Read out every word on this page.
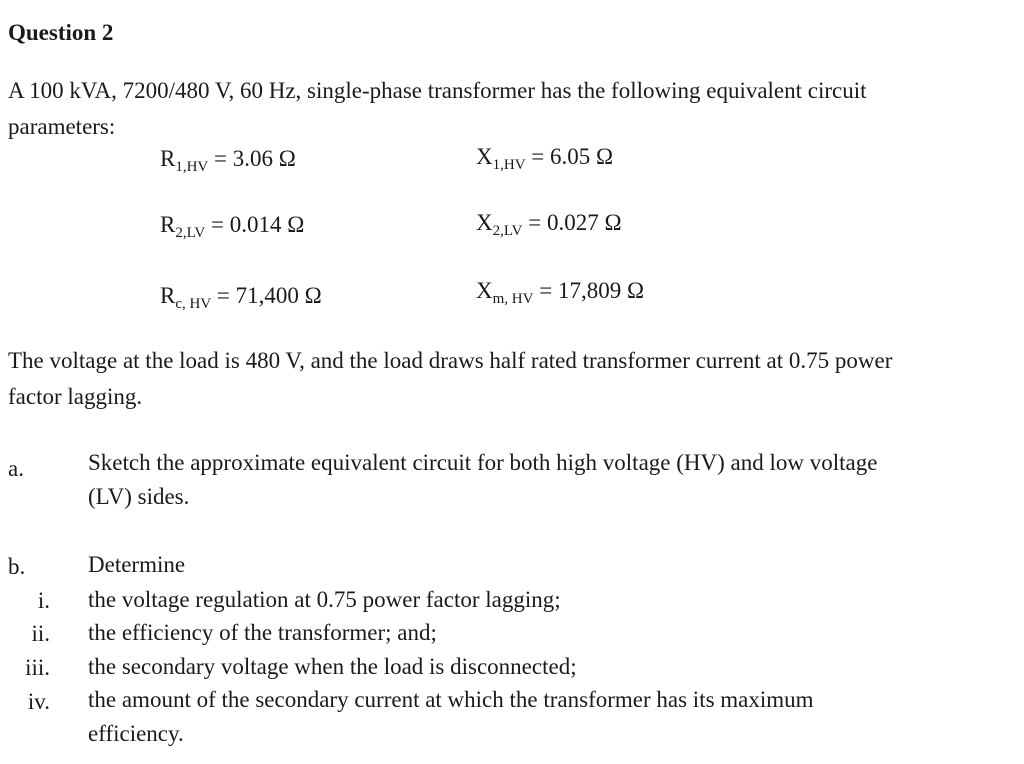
Question 2
A 100 kVA, 7200/480 V, 60 Hz, single-phase transformer has the following equivalent circuit
parameters:
$R_{1,HV} = 3.06$ Ω	$X_{1,HV} = 6.05$ Ω
$R_{2,LV} = 0.014$ Ω	$X_{2,LV} = 0.027$ Ω
$R_{c, HV} = 71,400$ Ω	$X_{m, HV} = 17,809$ Ω
The voltage at the load is 480 V, and the load draws half rated transformer current at 0.75 power
factor lagging.
a.	Sketch the approximate equivalent circuit for both high voltage (HV) and low voltage
(LV) sides.
b.	Determine
i. the voltage regulation at 0.75 power factor lagging;
ii. the efficiency of the transformer; and;
iii. the secondary voltage when the load is disconnected;
iv. the amount of the secondary current at which the transformer has its maximum
efficiency.
